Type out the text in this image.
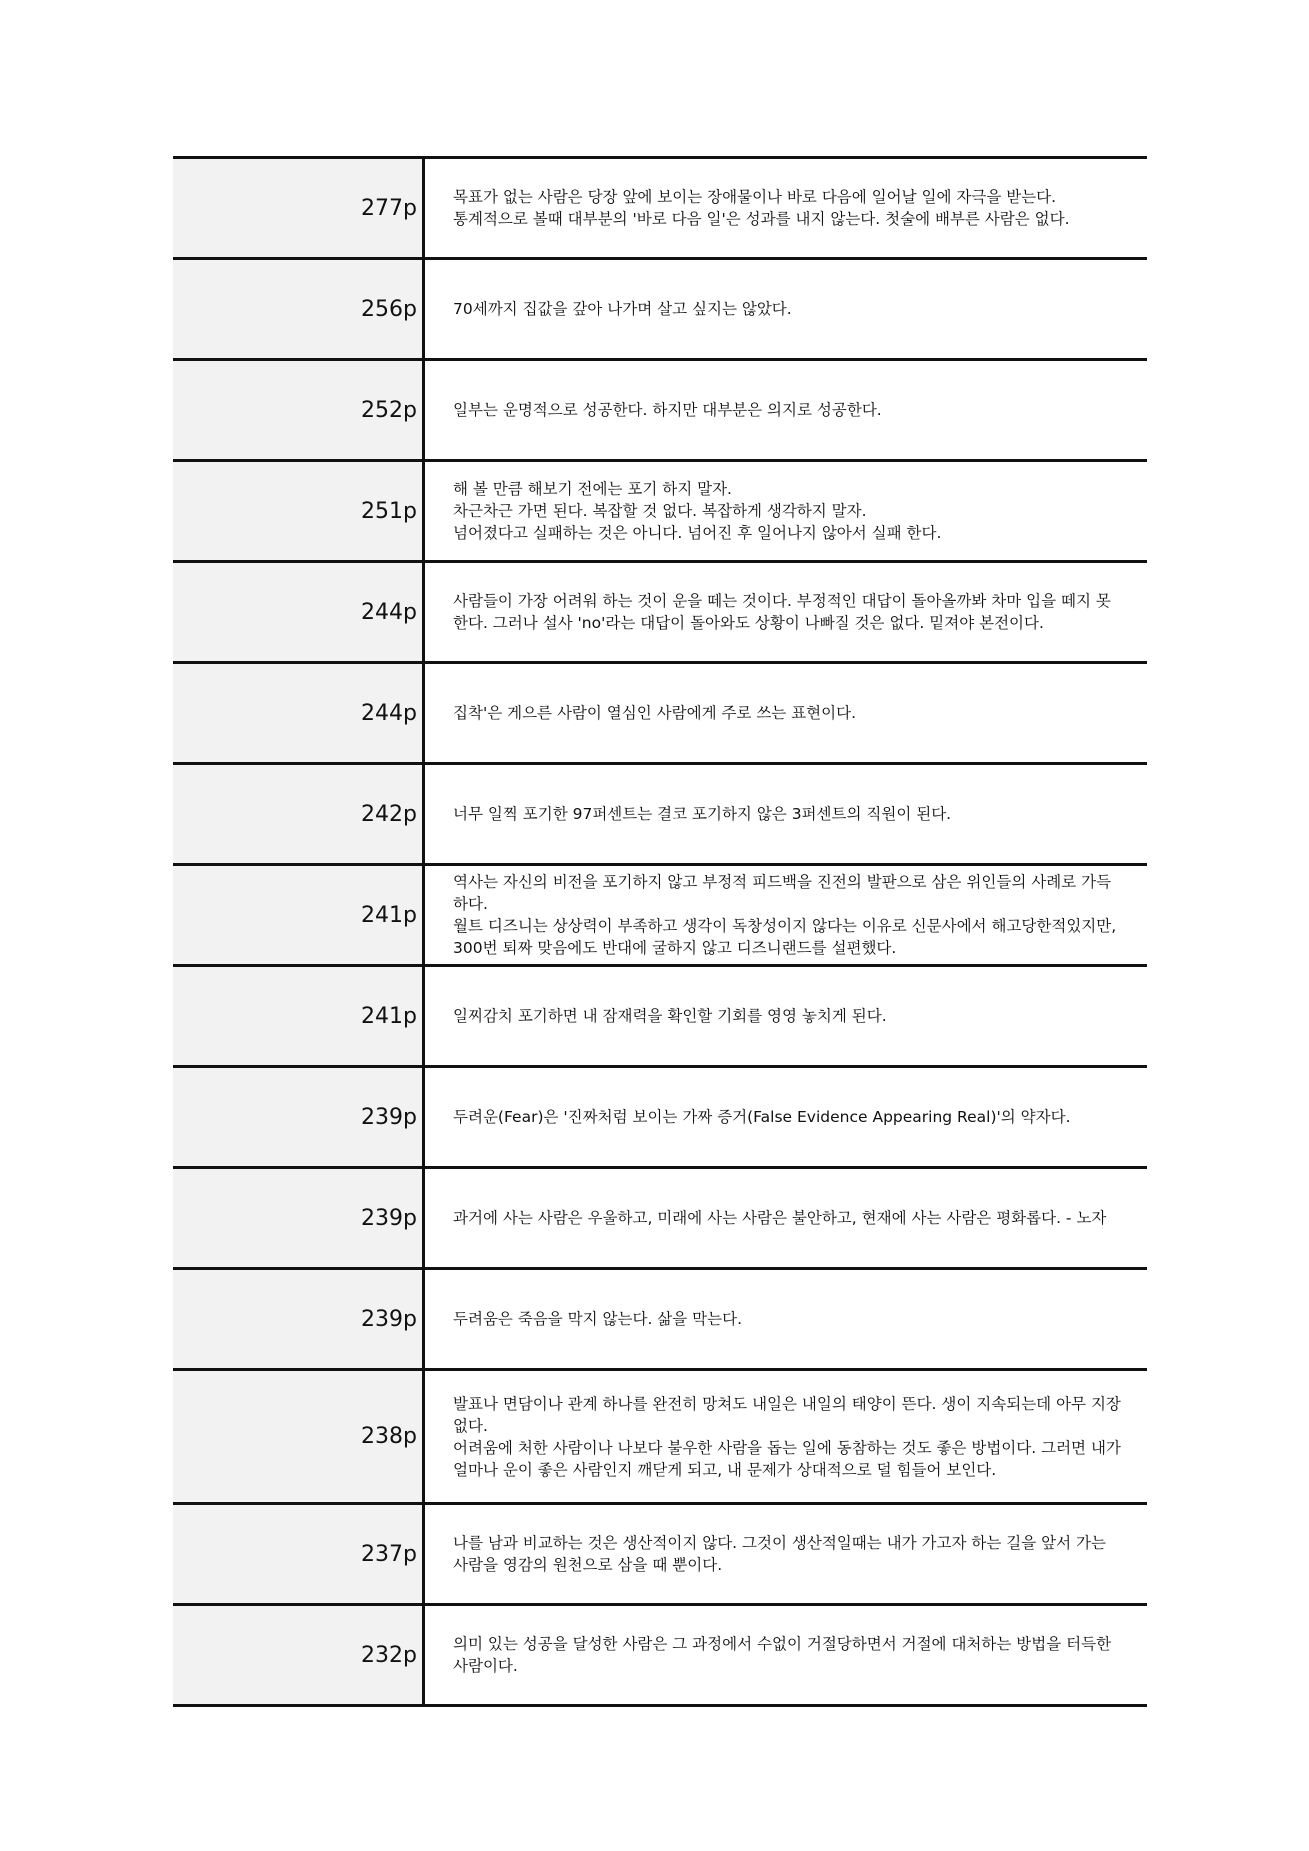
277p	목표가 없는 사람은 당장 앞에 보이는 장애물이나 바로 다음에 일어날 일에 자극을 받는다.
통계적으로 볼때 대부분의 '바로 다음 일'은 성과를 내지 않는다. 첫술에 배부른 사람은 없다.
256p	70세까지 집값을 갚아 나가며 살고 싶지는 않았다.
252p	일부는 운명적으로 성공한다. 하지만 대부분은 의지로 성공한다.
251p
해 볼 만큼 해보기 전에는 포기 하지 말자.
차근차근 가면 된다. 복잡할 것 없다. 복잡하게 생각하지 말자.
넘어졌다고 실패하는 것은 아니다. 넘어진 후 일어나지 않아서 실패 한다.
244p	사람들이 가장 어려워 하는 것이 운을 떼는 것이다. 부정적인 대답이 돌아올까봐 차마 입을 떼지 못
한다. 그러나 설사 'no'라는 대답이 돌아와도 상황이 나빠질 것은 없다. 밑져야 본전이다.
244p	집착'은 게으른 사람이 열심인 사람에게 주로 쓰는 표현이다.
242p	너무 일찍 포기한 97퍼센트는 결코 포기하지 않은 3퍼센트의 직원이 된다.
241p
역사는 자신의 비전을 포기하지 않고 부정적 피드백을 진전의 발판으로 삼은 위인들의 사례로 가득
하다.
월트 디즈니는 상상력이 부족하고 생각이 독창성이지 않다는 이유로 신문사에서 해고당한적있지만,
300번 퇴짜 맞음에도 반대에 굴하지 않고 디즈니랜드를 설편했다.
241p	일찌감치 포기하면 내 잠재력을 확인할 기회를 영영 놓치게 된다.
239p	두려운(Fear)은 '진짜처럼 보이는 가짜 증거(False Evidence Appearing Real)'의 약자다.
239p	과거에 사는 사람은 우울하고, 미래에 사는 사람은 불안하고, 현재에 사는 사람은 평화롭다. - 노자
239p	두려움은 죽음을 막지 않는다. 삶을 막는다.
238p
발표나 면담이나 관계 하나를 완전히 망쳐도 내일은 내일의 태양이 뜬다. 생이 지속되는데 아무 지장
없다.
어려움에 처한 사람이나 나보다 불우한 사람을 돕는 일에 동참하는 것도 좋은 방법이다. 그러면 내가
얼마나 운이 좋은 사람인지 깨닫게 되고, 내 문제가 상대적으로 덜 힘들어 보인다.
237p	나를 남과 비교하는 것은 생산적이지 않다. 그것이 생산적일때는 내가 가고자 하는 길을 앞서 가는
사람을 영감의 원천으로 삼을 때 뿐이다.
232p	의미 있는 성공을 달성한 사람은 그 과정에서 수없이 거절당하면서 거절에 대처하는 방법을 터득한
사람이다.
